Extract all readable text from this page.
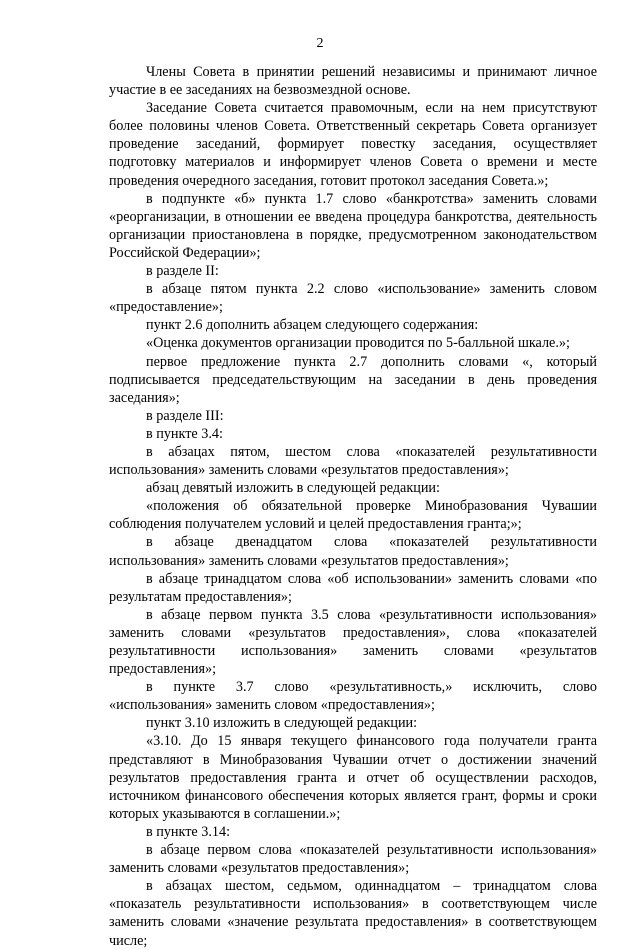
2

Члены Совета в принятии решений независимы и принимают личное участие в ее заседаниях на безвозмездной основе.

Заседание Совета считается правомочным, если на нем присутствуют более половины членов Совета. Ответственный секретарь Совета организует проведение заседаний, формирует повестку заседания, осуществляет подготовку материалов и информирует членов Совета о времени и месте проведения очередного заседания, готовит протокол заседания Совета.»;

в подпункте «б» пункта 1.7 слово «банкротства» заменить словами «реорганизации, в отношении ее введена процедура банкротства, деятельность организации приостановлена в порядке, предусмотренном законодательством Российской Федерации»;

в разделе II:

в абзаце пятом пункта 2.2 слово «использование» заменить словом «предоставление»;

пункт 2.6 дополнить абзацем следующего содержания:

«Оценка документов организации проводится по 5-балльной шкале.»;

первое предложение пункта 2.7 дополнить словами «, который подписывается председательствующим на заседании в день проведения заседания»;

в разделе III:

в пункте 3.4:

в абзацах пятом, шестом слова «показателей результативности использования» заменить словами «результатов предоставления»;

абзац девятый изложить в следующей редакции:

«положения об обязательной проверке Минобразования Чувашии соблюдения получателем условий и целей предоставления гранта;»;

в абзаце двенадцатом слова «показателей результативности использования» заменить словами «результатов предоставления»;

в абзаце тринадцатом слова «об использовании» заменить словами «по результатам предоставления»;

в абзаце первом пункта 3.5 слова «результативности использования» заменить словами «результатов предоставления», слова «показателей результативности использования» заменить словами «результатов предоставления»;

в пункте 3.7 слово «результативность,» исключить, слово «использования» заменить словом «предоставления»;

пункт 3.10 изложить в следующей редакции:

«3.10. До 15 января текущего финансового года получатели гранта представляют в Минобразования Чувашии отчет о достижении значений результатов предоставления гранта и отчет об осуществлении расходов, источником финансового обеспечения которых является грант, формы и сроки которых указываются в соглашении.»;

в пункте 3.14:

в абзаце первом слова «показателей результативности использования» заменить словами «результатов предоставления»;

в абзацах шестом, седьмом, одиннадцатом – тринадцатом слова «показатель результативности использования» в соответствующем числе заменить словами «значение результата предоставления» в соответствующем числе;
